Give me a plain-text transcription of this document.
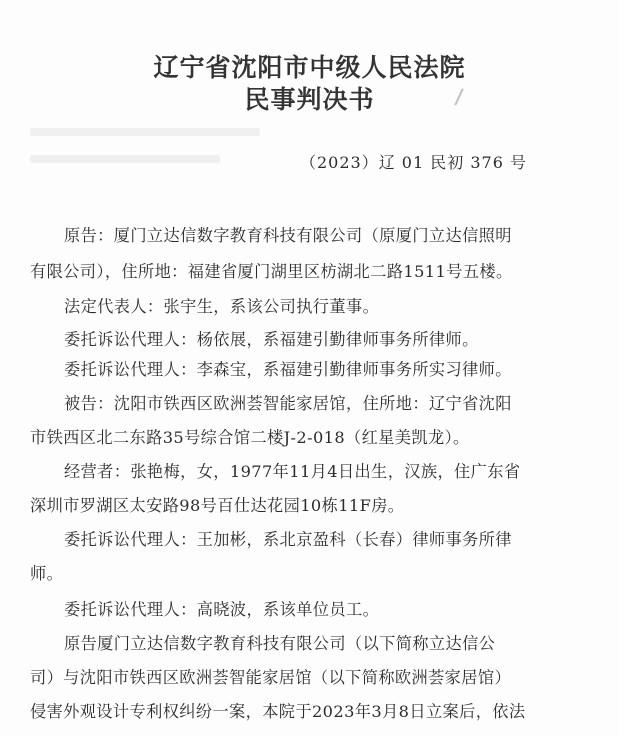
辽宁省沈阳市中级人民法院
民事判决书
（2023）辽 01 民初 376 号
原告：厦门立达信数字教育科技有限公司（原厦门立达信照明
有限公司），住所地：福建省厦门湖里区枋湖北二路1511号五楼。
法定代表人：张宇生，系该公司执行董事。
委托诉讼代理人：杨依展，系福建引勤律师事务所律师。
委托诉讼代理人：李森宝，系福建引勤律师事务所实习律师。
被告：沈阳市铁西区欧洲荟智能家居馆，住所地：辽宁省沈阳
市铁西区北二东路35号综合馆二楼J-2-018（红星美凯龙）。
经营者：张艳梅，女，1977年11月4日出生，汉族，住广东省
深圳市罗湖区太安路98号百仕达花园10栋11F房。
委托诉讼代理人：王加彬，系北京盈科（长春）律师事务所律
师。
委托诉讼代理人：高晓波，系该单位员工。
原告厦门立达信数字教育科技有限公司（以下简称立达信公
司）与沈阳市铁西区欧洲荟智能家居馆（以下简称欧洲荟家居馆）
侵害外观设计专利权纠纷一案，本院于2023年3月8日立案后，依法
